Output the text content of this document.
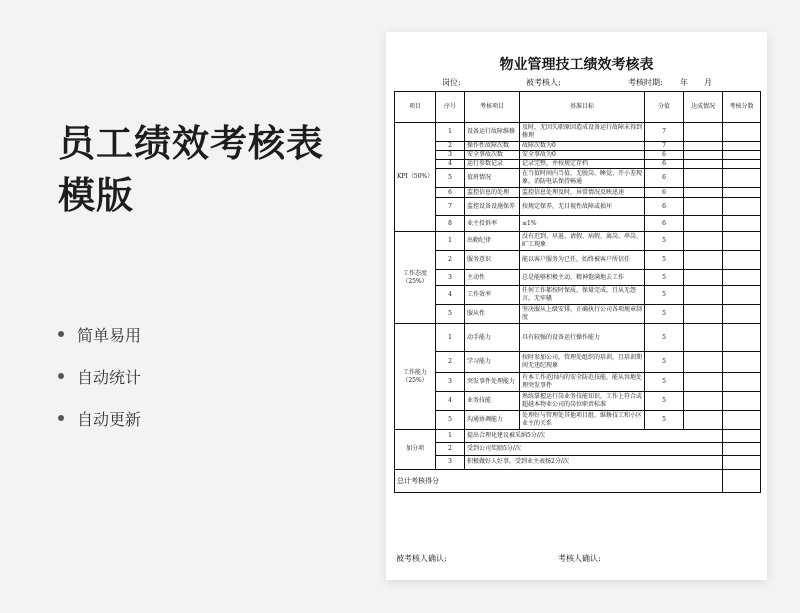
员工绩效考核表
模版
简单易用
自动统计
自动更新
物业管理技工绩效考核表
岗位:	被考核人:	考核时期: 年 月
项目	序号	考核项目	基准目标	分值	达成情况	考核分数
KPI（50%）	1	设备运行故障维修	及时，无因失职原因造成设备运行故障未得到修理	7		
	2	操作性故障次数	故障次数为0	7		
	3	安全事故次数	安全事故为0	6		
	4	运行参数记录	记录完整，并按规定存档	6		
	5	值班情况	在当值时间内当值，无脱岗、睡觉、开小差现象，消防电话保持畅通	6		
	6	监控信息的处理	监控信息处理及时，异常情况反映迅速	6		
	7	监控设备设施保养	按规定保养，无目视性故障或损坏	6		
	8	业主投诉率	≤1%	6		
工作态度（25%）	1	出勤纪律	没有迟到、早退、请假、病假、离岗、串岗、旷工现象	5		
	2	服务意识	能以客户服务为已任，始终被客户所信任	5		
	3	主动性	总是能够积极主动，精神饱满地去工作	5		
	4	工作效率	任何工作都按时保质、保量完成，且从无怨言，无牢骚	5		
	5	服从性	坚决服从上级安排，正确执行公司各项规章制度	5		
工作能力（25%）	1	动手能力	具有较强的设备运行操作能力	5		
	2	学习能力	按时参加公司，管理处组织的培训，且培训期间无违纪现象	5		
	3	突发事件处理能力	有本工作范围内的安全防范技能，能从容地处理突发事件	5		
	4	业务技能	熟练掌握运行岗业务技能知识，工作上符合或超越本物业公司的岗位职责标准	5		
	5	沟通协调能力	处理好与管理处其他项目组、维修技工和小区业主的关系	5		
加分项	1	提出合理化建议被采纳5分/次				
	2	受到公司奖励5分/次				
	3	积极做好人好事，受到业主表扬2分/次				
总计考核得分						
被考核人确认:	考核人确认:
